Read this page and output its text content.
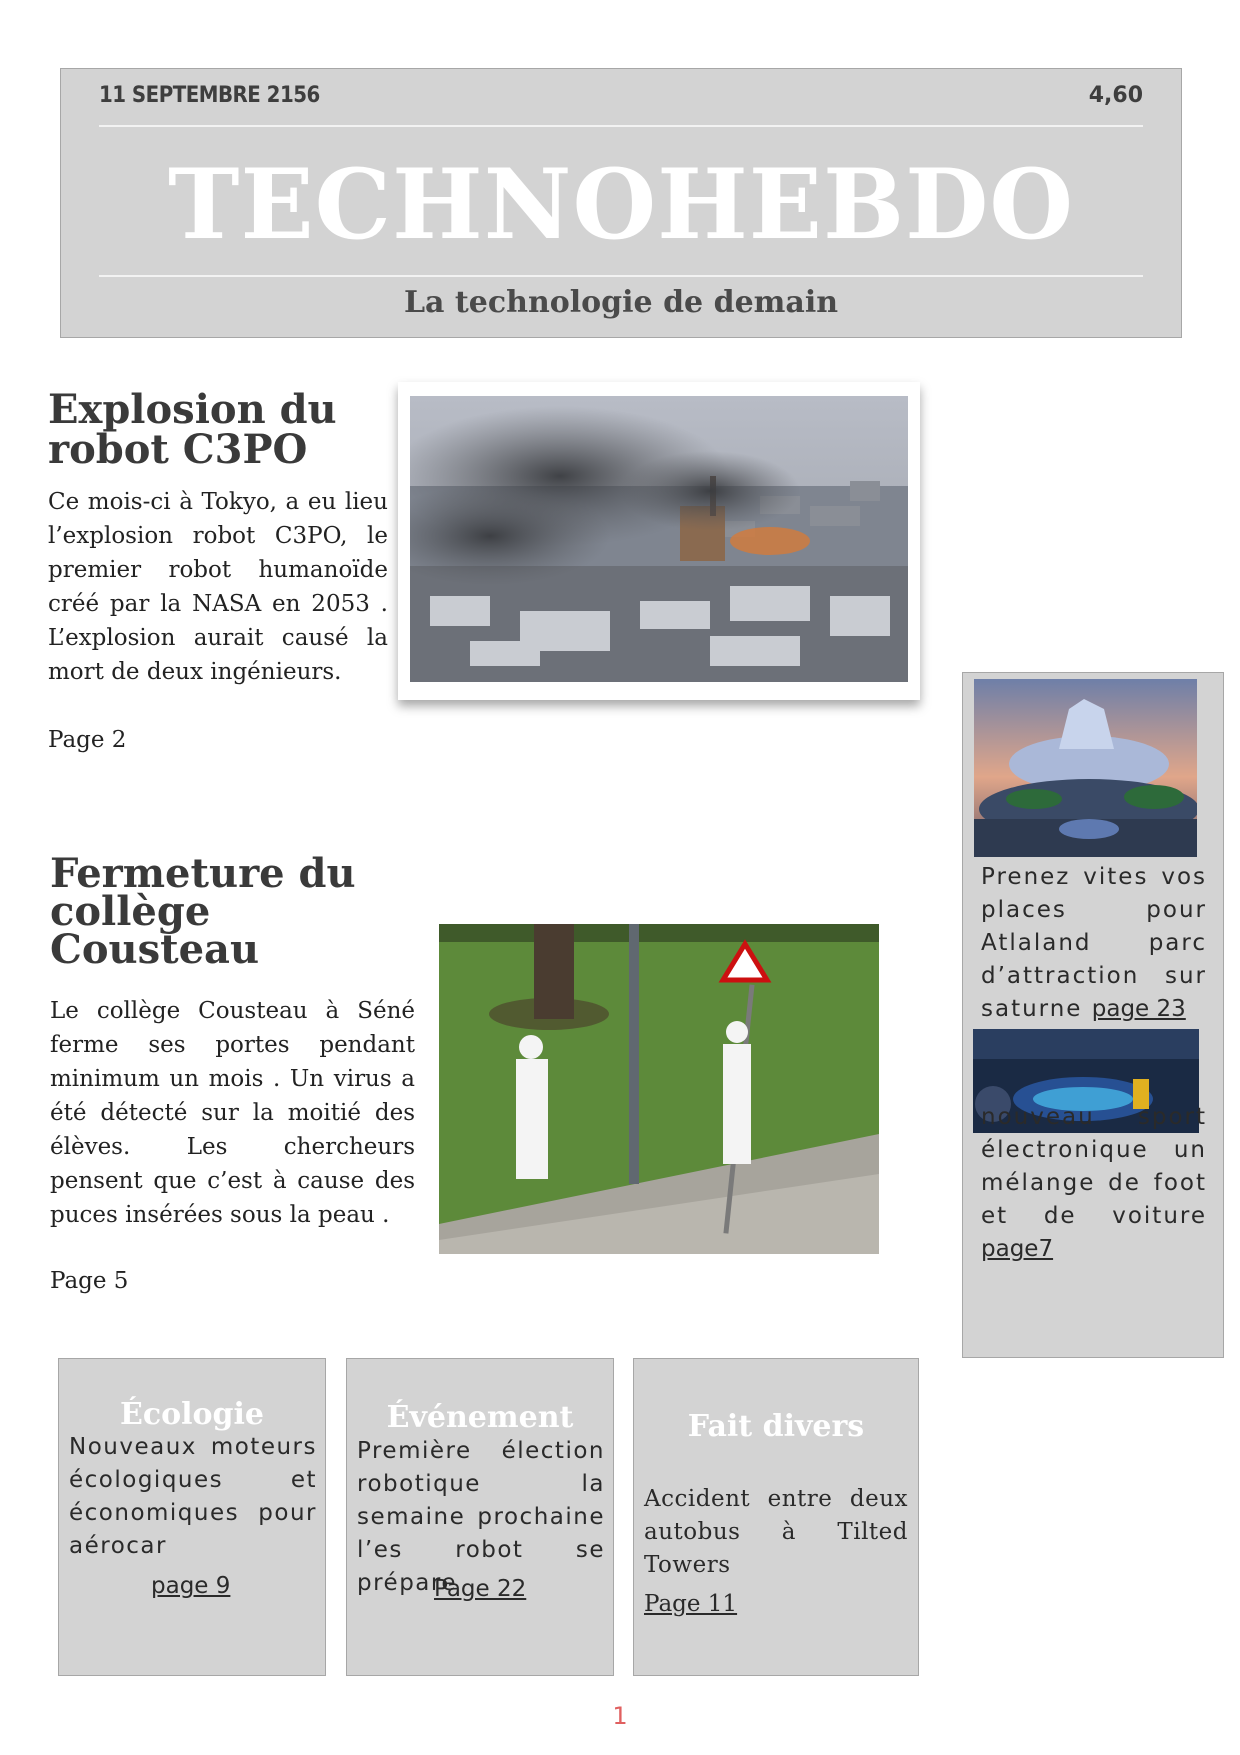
11 SEPTEMBRE 2156	4,60
TECHNOHEBDO
La technologie de demain
Explosion du robot C3PO

Ce mois-ci à Tokyo, a eu lieu l’explosion robot C3PO, le premier robot humanoïde créé par la NASA en 2053 . L’explosion aurait causé la mort de deux ingénieurs.

Page 2
Fermeture du collège Cousteau

Le collège Cousteau à Séné ferme ses portes pendant minimum un mois . Un virus a été détecté sur la moitié des élèves. Les chercheurs pensent que c’est à cause des puces insérées sous la peau .

Page 5

Prenez vites vos places pour Atlaland parc d’attraction sur saturne page 23

nouveau sport électronique un mélange de foot et de voiture page7

Écologie

Nouveaux moteurs écologiques et économiques pour aérocar

page 9
Événement

Première élection robotique la semaine prochaine l’es robot se prépare

Page 22
Fait divers

Accident entre deux autobus à Tilted Towers

Page 11
1
